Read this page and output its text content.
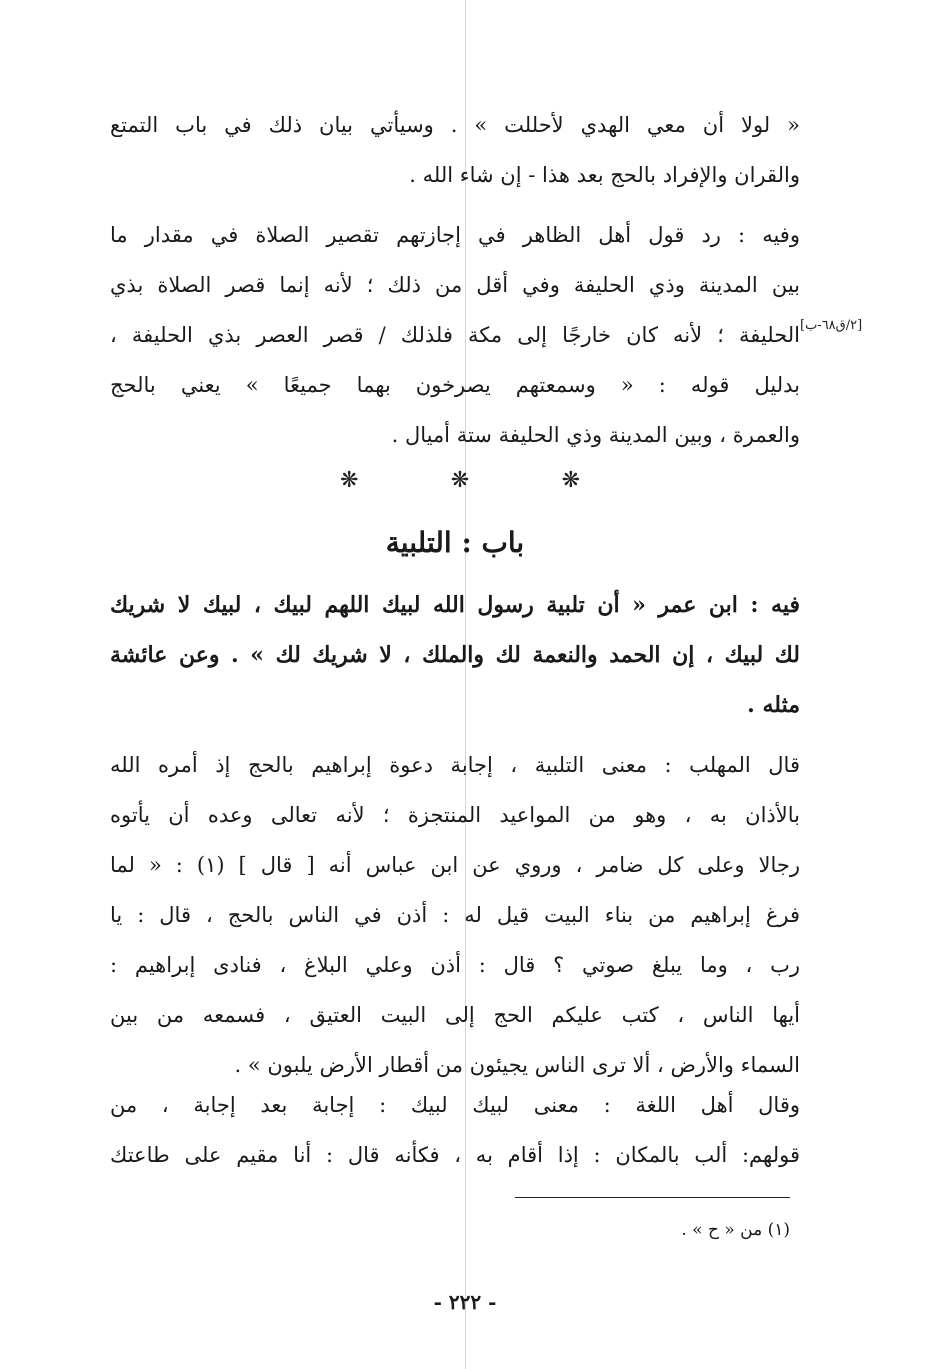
« لولا أن معي الهدي لأحللت » . وسيأتي بيان ذلك في باب التمتع
والقران والإفراد بالحج بعد هذا - إن شاء الله .
وفيه : رد قول أهل الظاهر في إجازتهم تقصير الصلاة في مقدار ما
بين المدينة وذي الحليفة وفي أقل من ذلك ؛ لأنه إنما قصر الصلاة بذي
الحليفة ؛ لأنه كان خارجًا إلى مكة فلذلك / قصر العصر بذي الحليفة ،
بدليل قوله : « وسمعتهم يصرخون بهما جميعًا » يعني بالحج
والعمرة ، وبين المدينة وذي الحليفة ستة أميال .
[٢/ق٦٨-ب]
❋	❋	❋
باب : التلبية
فيه : ابن عمر « أن تلبية رسول الله لبيك اللهم لبيك ، لبيك لا شريك
لك لبيك ، إن الحمد والنعمة لك والملك ، لا شريك لك » . وعن عائشة
مثله .
قال المهلب : معنى التلبية ، إجابة دعوة إبراهيم بالحج إذ أمره الله
بالأذان به ، وهو من المواعيد المنتجزة ؛ لأنه تعالى وعده أن يأتوه
رجالا وعلى كل ضامر ، وروي عن ابن عباس أنه [ قال ] (١) : « لما
فرغ إبراهيم من بناء البيت قيل له : أذن في الناس بالحج ، قال : يا
رب ، وما يبلغ صوتي ؟ قال : أذن وعلي البلاغ ، فنادى إبراهيم :
أيها الناس ، كتب عليكم الحج إلى البيت العتيق ، فسمعه من بين
السماء والأرض ، ألا ترى الناس يجيئون من أقطار الأرض يلبون » .
وقال أهل اللغة : معنى لبيك لبيك : إجابة بعد إجابة ، من
قولهم: ألب بالمكان : إذا أقام به ، فكأنه قال : أنا مقيم على طاعتك
(١) من « ح » .
- ٢٢٢ -
